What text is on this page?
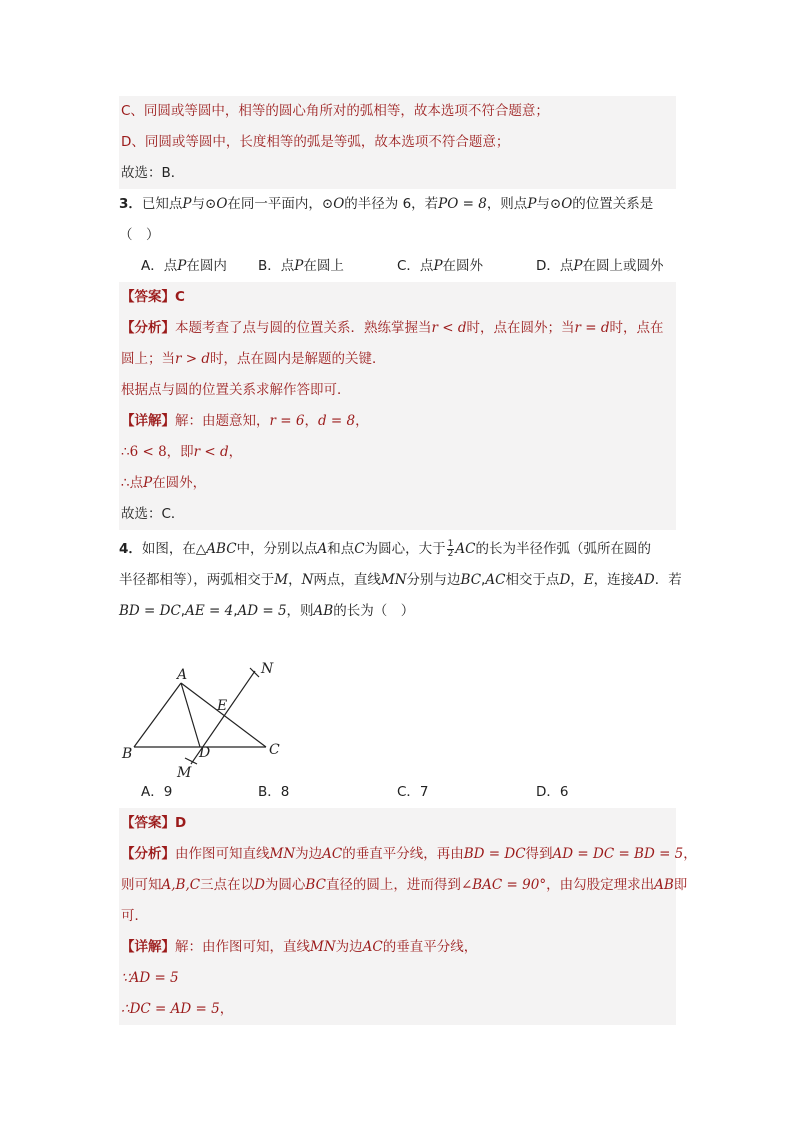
C、同圆或等圆中，相等的圆心角所对的弧相等，故本选项不符合题意；
D、同圆或等圆中，长度相等的弧是等弧，故本选项不符合题意；
故选：B．
3．已知点P与⊙O在同一平面内，⊙O的半径为 6，若PO = 8，则点P与⊙O的位置关系是
（　）
A．点P在圆内	B．点P在圆上	C．点P在圆外	D．点P在圆上或圆外
【答案】C
【分析】本题考查了点与圆的位置关系．熟练掌握当r < d时，点在圆外；当r = d时，点在
圆上；当r > d时，点在圆内是解题的关键．
根据点与圆的位置关系求解作答即可．
【详解】解：由题意知，r = 6，d = 8，
∴6 < 8，即r < d，
∴点P在圆外，
故选：C．
4．如图，在△ABC中，分别以点A和点C为圆心，大于 $\frac{1}{2}$ AC的长为半径作弧（弧所在圆的
半径都相等），两弧相交于M，N两点，直线MN分别与边BC,AC相交于点D，E，连接AD．若
BD = DC,AE = 4,AD = 5，则AB的长为（　）
A
B	C
D
E
M
N
A．9	B．8	C．7	D．6
【答案】D
【分析】由作图可知直线MN为边AC的垂直平分线，再由BD = DC得到AD = DC = BD = 5，
则可知A,B,C三点在以D为圆心BC直径的圆上，进而得到∠BAC = 90°，由勾股定理求出AB即
可．
【详解】解：由作图可知，直线MN为边AC的垂直平分线，
∵AD = 5
∴DC = AD = 5，
